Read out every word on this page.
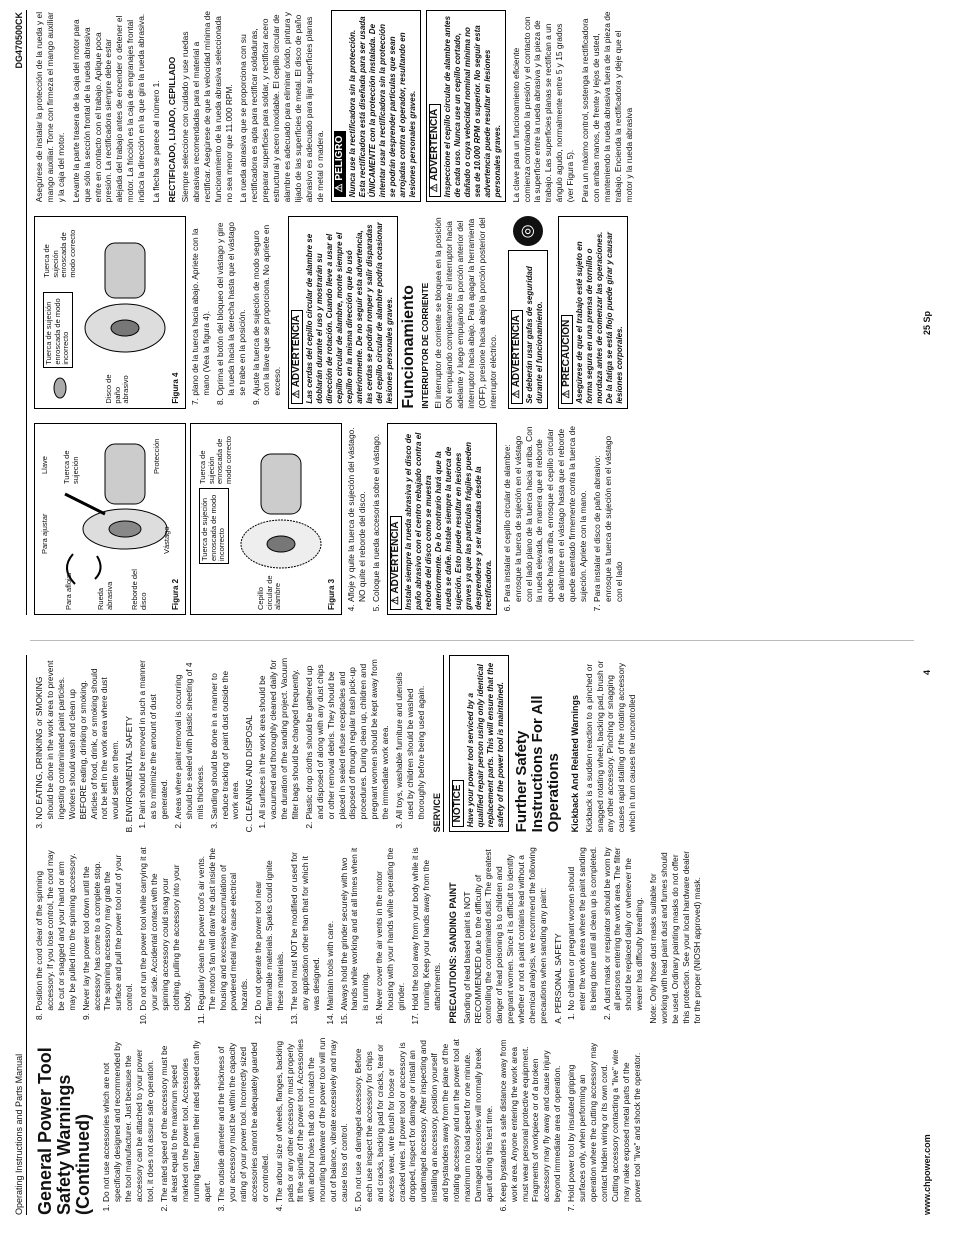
Operating Instructions and Parts Manual General Power Tool Safety Warnings (Continued) 1. Do not use accessories which are not specifically designed and recommended by the tool manufacturer. Just because the accessory can be attached to your power tool, it does not assure safe operation. 2. The rated speed of the accessory must be at least equal to the maximum speed marked on the power tool. Accessories running faster than their rated speed can fly apart. 3. The outside diameter and the thickness of your accessory must be within the capacity rating of your power tool. Incorrectly sized accessories cannot be adequately guarded or controlled. 4. The arbour size of wheels, flanges, backing pads or any other accessory must properly fit the spindle of the power tool. Accessories with arbour holes that do not match the mounting hardware of the power tool will run out of balance, vibrate excessively and may cause loss of control. 5. Do not use a damaged accessory. Before each use inspect the accessory for chips and cracks, backing pad for cracks, tear or excess wear, wire brush for loose or cracked wires. If power tool or accessory is dropped, inspect for damage or install an undamaged accessory. After inspecting and installing an accessory, position yourself and bystanders away from the plane of the rotating accessory and run the power tool at maximum no load speed for one minute. Damaged accessories will normally break apart during this test time. 6. Keep bystanders a safe distance away from work area. Anyone entering the work area must wear personal protective equipment. Fragments of workpiece or of a broken accessory may fly away and cause injury beyond immediate area of operation. 7. Hold power tool by insulated gripping surfaces only, when performing an operation where the cutting accessory may contact hidden wiring or its own cord. Cutting accessory contacting a "live" wire may make exposed metal parts of the power tool "live" and shock the operator.
8. Position the cord clear of the spinning accessory. If you lose control, the cord may be cut or snagged and your hand or arm may be pulled into the spinning accessory. 9. Never lay the power tool down until the accessory has come to a complete stop. The spinning accessory may grab the surface and pull the power tool out of your control. 10. Do not run the power tool while carrying it at your side. Accidental contact with the spinning accessory could snag your clothing, pulling the accessory into your body. 11. Regularly clean the power tool's air vents. The motor's fan will draw the dust inside the housing and excessive accumulation of powdered metal may cause electrical hazards. 12. Do not operate the power tool near flammable materials. Sparks could ignite these materials. 13. The tool must NOT be modified or used for any application other than that for which it was designed. 14. Maintain tools with care. 15. Always hold the grinder securely with two hands while working and at all times when it is running. 16. Never cover the air vents in the motor housing with your hands while operating the grinder. 17. Hold the tool away from your body while it is running. Keep your hands away from the attachments. PRECAUTIONS: SANDING PAINT Sanding of lead based paint is NOT RECOMMENDED due to the difficulty of controlling the contaminated dust. The greatest danger of lead poisoning is to children and pregnant women. Since it is difficult to identify whether or not a paint contains lead without a chemical analysis, we recommend the following precautions when sanding any paint: A. PERSONAL SAFETY 1. No children or pregnant women should enter the work area where the paint sanding is being done until all clean up is completed. 2. A dust mask or respirator should be worn by all persons entering the work area. The filter should be replaced daily or whenever the wearer has difficulty breathing. Note: Only those dust masks suitable for working with lead paint dust and fumes should be used. Ordinary painting masks do not offer this protection. See your local hardware dealer for the proper (NIOSH approved) mask.

3. NO EATING, DRINKING or SMOKING should be done in the work area to prevent ingesting contaminated paint particles. Workers should wash and clean up BEFORE eating, drinking or smoking. Articles of food, drink, or smoking should not be left in the work area where dust would settle on them. B. ENVIRONMENTAL SAFETY 1. Paint should be removed in such a manner as to minimize the amount of dust generated. 2. Areas where paint removal is occurring should be sealed with plastic sheeting of 4 mils thickness. 3. Sanding should be done in a manner to reduce tracking of paint dust outside the work area. C. CLEANING AND DISPOSAL 1. All surfaces in the work area should be vacuumed and thoroughly cleaned daily for the duration of the sanding project. Vacuum filter bags should be changed frequently. 2. Plastic drop cloths should be gathered up and disposed of along with any dust chips or other removal debris. They should be placed in sealed refuse receptacles and disposed of through regular trash pick-up procedures. During clean up, children and pregnant women should be kept away from the immediate work area. 3. All toys, washable furniture and utensils used by children should be washed thoroughly before being used again. SERVICE NOTICE Have your power tool serviced by a qualified repair person using only identical replacement parts. This will ensure that the safety of the power tool is maintained. Further Safety Instructions For All Operations Kickback And Related Warnings Kickback is a sudden reaction to a pinched or snagged rotating wheel, backing pad, brush or any other accessory. Pinching or snagging causes rapid stalling of the rotating accessory which in turn causes the uncontrolled

www.chpower.com
4
DG470500CK
Para ajustar
Llave
Para aflojar
Tuerca de sujeción
Rueda abrasiva Reborde del disco
Vástago
Protección
Figura 2	Cepillo circular de alambre
Tuerca de sujeción enroscada de modo incorrecto
Tuerca de sujeción enroscada de modo correcto
Figura 3 4. Afloje y quite la tuerca de sujeción del vástago. NO quite el reborde del disco. 5. Coloque la rueda accesoria sobre el vástago. ⚠ ADVERTENCIA Instale siempre la rueda abrasiva y el disco de paño abrasivo con el centro rebajado contra el reborde del disco como se muestra anteriormente. De lo contrario hará que la rueda se dañe. Instale siempre la tuerca de sujeción. Esto puede resultar en lesiones graves ya que las partículas frágiles pueden desprenderse y ser lanzadas desde la rectificadora. 6. Para instalar el cepillo circular de alambre: enrosque la tuerca de sujeción en el vástago con el lado plano de la tuerca hacia arriba. Con la rueda elevada, de manera que el reborde quede hacia arriba, enrosque el cepillo circular de alambre en el vástago hasta que el reborde quede asentado firmemente contra la tuerca de sujeción. Apriete con la mano. 7. Para instalar el disco de paño abrasivo: enrosque la tuerca de sujeción en el vástago con el lado
Disco de paño abrasivo
Tuerca de sujeción enroscada de modo incorrecto
Tuerca de sujeción enroscada de modo correcto
Figura 4 7. plano de la tuerca hacia abajo. Apriete con la mano (Vea la figura 4). 8. Oprima el botón del bloqueo del vástago y gire la rueda hacia la derecha hasta que el vástago se trabe en la posición. 9. Ajuste la tuerca de sujeción de modo seguro con la llave que se proporciona. No apriete en exceso. ⚠ ADVERTENCIA Las cerdas del cepillo circular de alambre se doblarán durante el uso y mostrarán su dirección de rotación. Cuando lleve a usar el cepillo circular de alambre, monte siempre el cepillo en la misma dirección que lo usó anteriormente. De no seguir esta advertencia, las cerdas se podrán romper y salir disparadas del cepillo circular de alambre podría ocasionar lesiones personales graves. Funcionamiento INTERRUPTOR DE CORRIENTE El interruptor de corriente se bloquea en la posición ON empujando completamente el interruptor hacia adelante y luego empujando la porción anterior del interruptor hacia abajo. Para apagar la herramienta (OFF), presione hacia abajo la porción posterior del interruptor eléctrico.	⚠ ADVERTENCIA Se deberán usar gafas de seguridad durante el funcionamiento.
◎
⚠ PRECAUCION Asegúrese de que el trabajo esté sujeto en forma segura en una prensa de tornillo o mordaza antes de comenzar las operaciones. De la fatiga se está flojo puede girar y causar lesiones corporales.

Asegúrese de instalar la protección de la rueda y el mango auxiliar. Tome con firmeza el mango auxiliar y la caja del motor. Levante la parte trasera de la caja del motor para que sólo la sección frontal de la rueda abrasiva entre en contacto con el trabajo. Aplique poca presión. La rectificadora siempre debe estar alejada del trabajo antes de encender o detener el motor. La fricción es la caja de engranajes frontal indica la dirección en la que gira la rueda abrasiva. La flecha se parece al número 1. RECTIFICADO, LIJADO, CEPILLADO Siempre seleccione con cuidado y use ruedas abrasivas recomendadas para el material a rectificar. Asegúrese de que la velocidad mínima de funcionamiento de la rueda abrasiva seleccionada no sea menor que 11.000 RPM. La rueda abrasiva que se proporciona con su rectificadora es apta para rectificar soldaduras, preparar superficies para soldar, y rectificar acero estructural y acero inoxidable. El cepillo circular de alambre es adecuado para eliminar óxido, pintura y lijado de las superficies de metal. El disco de paño abrasivo es adecuado para lijar superficies planas de metal o madera. ⚠ PELIGRO Nunca use la rectificadora sin la protección. Esta rectificadora está diseñada para ser usada ÚNICAMENTE con la protección instalada. De intentar usar la rectificadora sin la protección se podrán desprender partículas que sean arrojadas contra el operador, resultando en lesiones personales graves.	⚠ ADVERTENCIA Inspeccione el cepillo circular de alambre antes de cada uso. Nunca use un cepillo cortado, dañado o cuya velocidad nominal mínima no sea de 10.000 RPM o superior. No seguir esta advertencia puede resultar en lesiones personales graves. La clave para un funcionamiento eficiente comienza controlando la presión y el contacto con la superficie entre la rueda abrasiva y la pieza de trabajo. Las superficies planas se rectifican a un ángulo agudo, normalmente entre 5 y 15 grados (ver Figura 5). Para un máximo control, sostenga la rectificadora con ambas manos, de frente y lejos de usted, manteniendo la rueda abrasiva fuera de la pieza de trabajo. Encienda la rectificadora y deje que el motor y la rueda abrasiva

25 Sp
